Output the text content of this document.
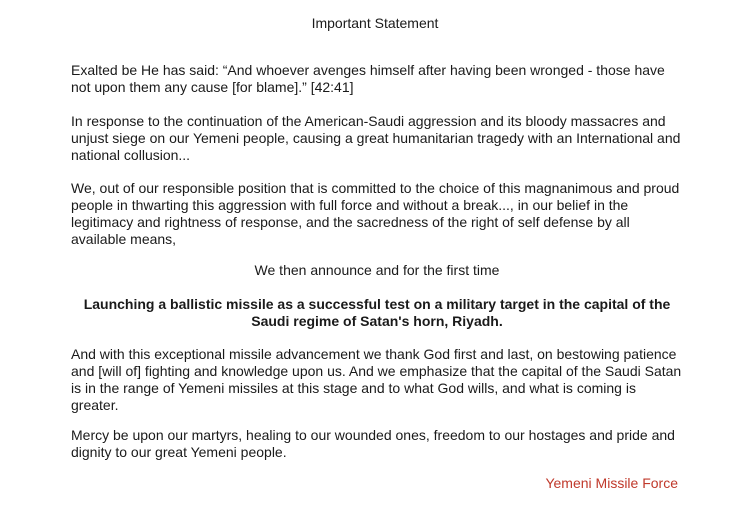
Important Statement
Exalted be He has said: “And whoever avenges himself after having been wronged - those have not upon them any cause [for blame].” [42:41]
In response to the continuation of the American-Saudi aggression and its bloody massacres and unjust siege on our Yemeni people, causing a great humanitarian tragedy with an International and national collusion...
We, out of our responsible position that is committed to the choice of this magnanimous and proud people in thwarting this aggression with full force and without a break..., in our belief in the legitimacy and rightness of response, and the sacredness of the right of self defense by all available means,
We then announce and for the first time
Launching a ballistic missile as a successful test on a military target in the capital of the Saudi regime of Satan's horn, Riyadh.
And with this exceptional missile advancement we thank God first and last, on bestowing patience and [will of] fighting and knowledge upon us. And we emphasize that the capital of the Saudi Satan is in the range of Yemeni missiles at this stage and to what God wills, and what is coming is greater.
Mercy be upon our martyrs, healing to our wounded ones, freedom to our hostages and pride and dignity to our great Yemeni people.
Yemeni Missile Force
